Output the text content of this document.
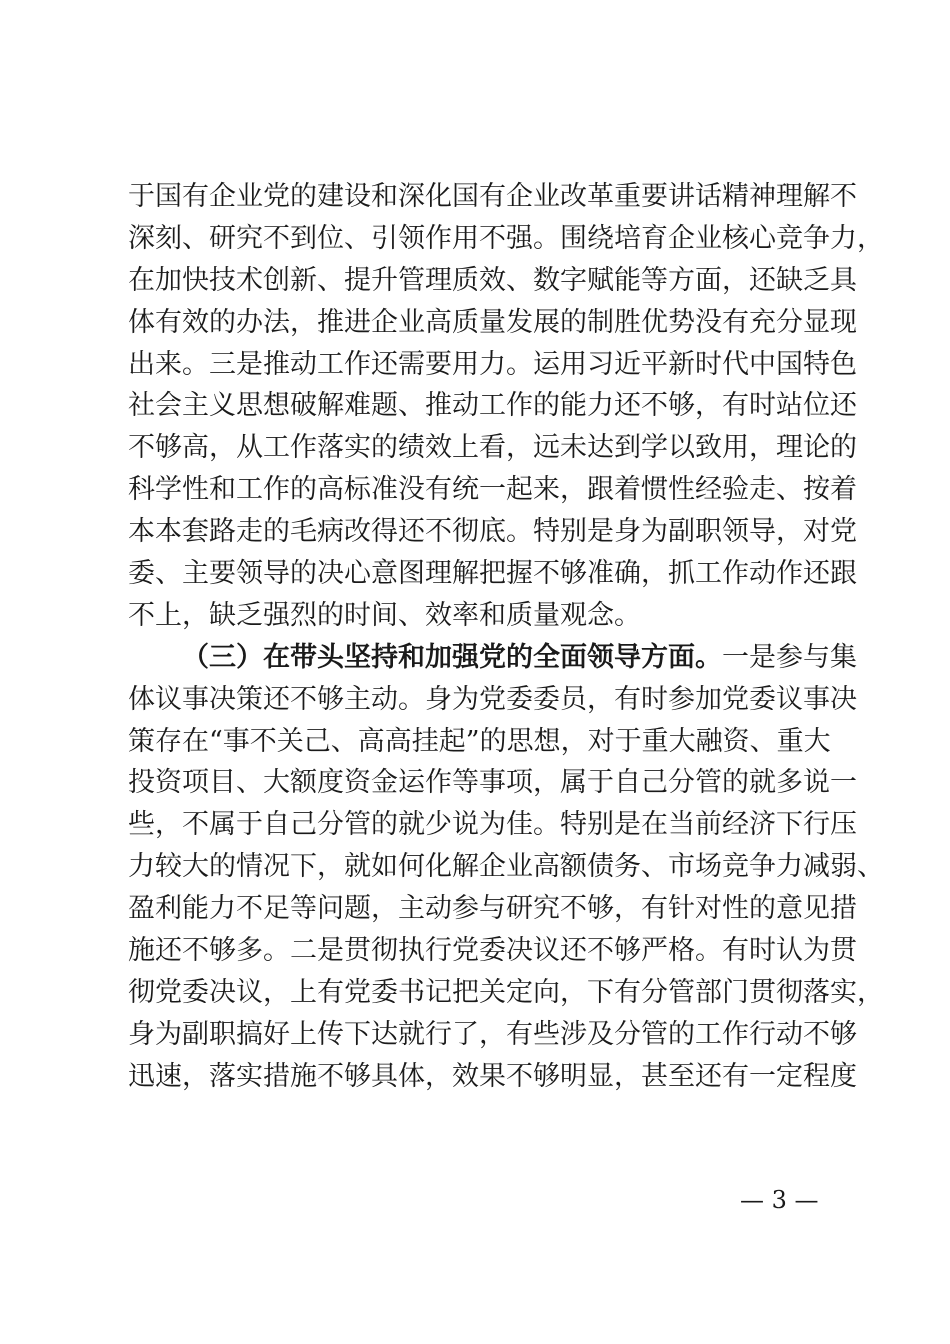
于国有企业党的建设和深化国有企业改革重要讲话精神理解不

深刻、研究不到位、引领作用不强。围绕培育企业核心竞争力，

在加快技术创新、提升管理质效、数字赋能等方面，还缺乏具

体有效的办法，推进企业高质量发展的制胜优势没有充分显现

出来。三是推动工作还需要用力。运用习近平新时代中国特色

社会主义思想破解难题、推动工作的能力还不够，有时站位还

不够高，从工作落实的绩效上看，远未达到学以致用，理论的

科学性和工作的高标准没有统一起来，跟着惯性经验走、按着

本本套路走的毛病改得还不彻底。特别是身为副职领导，对党

委、主要领导的决心意图理解把握不够准确，抓工作动作还跟

不上，缺乏强烈的时间、效率和质量观念。

（三）在带头坚持和加强党的全面领导方面。一是参与集

体议事决策还不够主动。身为党委委员，有时参加党委议事决

策存在“事不关己、高高挂起”的思想，对于重大融资、重大

投资项目、大额度资金运作等事项，属于自己分管的就多说一

些，不属于自己分管的就少说为佳。特别是在当前经济下行压

力较大的情况下，就如何化解企业高额债务、市场竞争力减弱、

盈利能力不足等问题，主动参与研究不够，有针对性的意见措

施还不够多。二是贯彻执行党委决议还不够严格。有时认为贯

彻党委决议，上有党委书记把关定向，下有分管部门贯彻落实，

身为副职搞好上传下达就行了，有些涉及分管的工作行动不够

迅速，落实措施不够具体，效果不够明显，甚至还有一定程度

— 3 —
